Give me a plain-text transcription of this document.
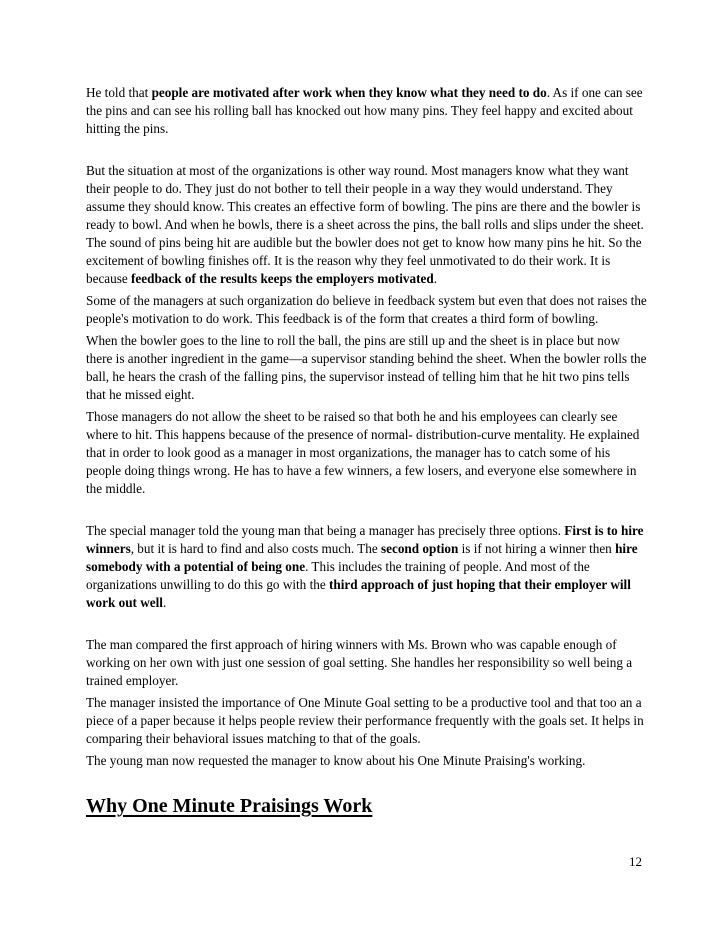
He told that people are motivated after work when they know what they need to do. As if one can see the pins and can see his rolling ball has knocked out how many pins. They feel happy and excited about hitting the pins.

But the situation at most of the organizations is other way round. Most managers know what they want their people to do. They just do not bother to tell their people in a way they would understand. They assume they should know. This creates an effective form of bowling. The pins are there and the bowler is ready to bowl. And when he bowls, there is a sheet across the pins, the ball rolls and slips under the sheet. The sound of pins being hit are audible but the bowler does not get to know how many pins he hit. So the excitement of bowling finishes off. It is the reason why they feel unmotivated to do their work. It is because feedback of the results keeps the employers motivated.

Some of the managers at such organization do believe in feedback system but even that does not raises the people's motivation to do work. This feedback is of the form that creates a third form of bowling.

When the bowler goes to the line to roll the ball, the pins are still up and the sheet is in place but now there is another ingredient in the game—a supervisor standing behind the sheet. When the bowler rolls the ball, he hears the crash of the falling pins, the supervisor instead of telling him that he hit two pins tells that he missed eight.

Those managers do not allow the sheet to be raised so that both he and his employees can clearly see where to hit. This happens because of the presence of normal- distribution-curve mentality. He explained that in order to look good as a manager in most organizations, the manager has to catch some of his people doing things wrong. He has to have a few winners, a few losers, and everyone else somewhere in the middle.

The special manager told the young man that being a manager has precisely three options. First is to hire winners, but it is hard to find and also costs much. The second option is if not hiring a winner then hire somebody with a potential of being one. This includes the training of people. And most of the organizations unwilling to do this go with the third approach of just hoping that their employer will work out well.

The man compared the first approach of hiring winners with Ms. Brown who was capable enough of working on her own with just one session of goal setting. She handles her responsibility so well being a trained employer.

The manager insisted the importance of One Minute Goal setting to be a productive tool and that too an a piece of a paper because it helps people review their performance frequently with the goals set. It helps in comparing their behavioral issues matching to that of the goals.

The young man now requested the manager to know about his One Minute Praising's working.

Why One Minute Praisings Work
12
